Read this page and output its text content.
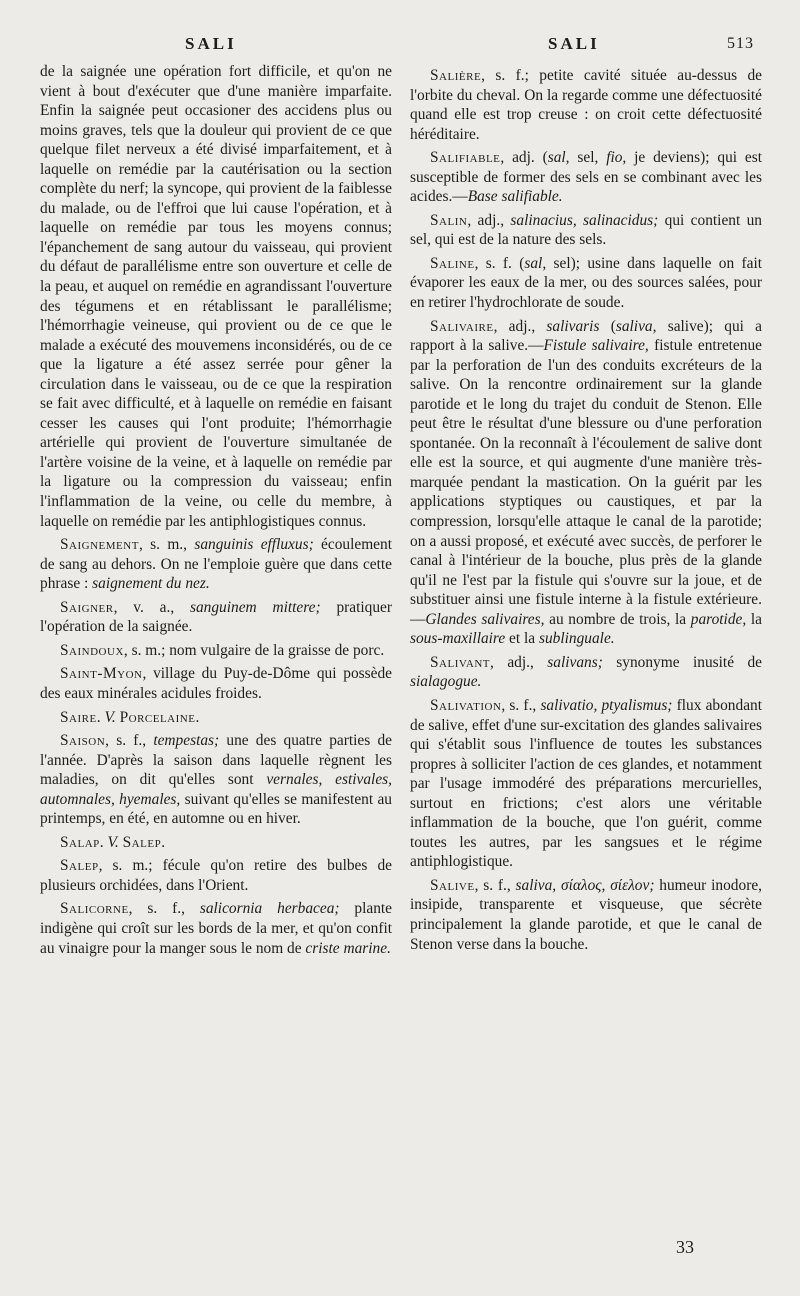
SALI	SALI	513

de la saignée une opération fort difficile, et qu'on ne vient à bout d'exécuter que d'une manière imparfaite. Enfin la saignée peut occasioner des accidens plus ou moins graves, tels que la douleur qui provient de ce que quelque filet nerveux a été divisé imparfaitement, et à laquelle on remédie par la cautérisation ou la section complète du nerf; la syncope, qui provient de la faiblesse du malade, ou de l'effroi que lui cause l'opération, et à laquelle on remédie par tous les moyens connus; l'épanchement de sang autour du vaisseau, qui provient du défaut de parallélisme entre son ouverture et celle de la peau, et auquel on remédie en agrandissant l'ouverture des tégumens et en rétablissant le parallélisme; l'hémorrhagie veineuse, qui provient ou de ce que le malade a exécuté des mouvemens inconsidérés, ou de ce que la ligature a été assez serrée pour gêner la circulation dans le vaisseau, ou de ce que la respiration se fait avec difficulté, et à laquelle on remédie en faisant cesser les causes qui l'ont produite; l'hémorrhagie artérielle qui provient de l'ouverture simultanée de l'artère voisine de la veine, et à laquelle on remédie par la ligature ou la compression du vaisseau; enfin l'inflammation de la veine, ou celle du membre, à laquelle on remédie par les antiphlogistiques connus.

Saignement, s. m., sanguinis effluxus; écoulement de sang au dehors. On ne l'emploie guère que dans cette phrase : saignement du nez.

Saigner, v. a., sanguinem mittere; pratiquer l'opération de la saignée.

Saindoux, s. m.; nom vulgaire de la graisse de porc.

Saint-Myon, village du Puy-de-Dôme qui possède des eaux minérales acidules froides.

Saire. V. Porcelaine.

Saison, s. f., tempestas; une des quatre parties de l'année. D'après la saison dans laquelle règnent les maladies, on dit qu'elles sont vernales, estivales, automnales, hyemales, suivant qu'elles se manifestent au printemps, en été, en automne ou en hiver.

Salap. V. Salep.

Salep, s. m.; fécule qu'on retire des bulbes de plusieurs orchidées, dans l'Orient.

Salicorne, s. f., salicornia herbacea; plante indigène qui croît sur les bords de la mer, et qu'on confit au vinaigre pour la manger sous le nom de criste marine.

Salière, s. f.; petite cavité située au-dessus de l'orbite du cheval. On la regarde comme une défectuosité quand elle est trop creuse : on croit cette défectuosité héréditaire.

Salifiable, adj. (sal, sel, fio, je deviens); qui est susceptible de former des sels en se combinant avec les acides.—Base salifiable.

Salin, adj., salinacius, salinacidus; qui contient un sel, qui est de la nature des sels.

Saline, s. f. (sal, sel); usine dans laquelle on fait évaporer les eaux de la mer, ou des sources salées, pour en retirer l'hydrochlorate de soude.

Salivaire, adj., salivaris (saliva, salive); qui a rapport à la salive.—Fistule salivaire, fistule entretenue par la perforation de l'un des conduits excréteurs de la salive. On la rencontre ordinairement sur la glande parotide et le long du trajet du conduit de Stenon. Elle peut être le résultat d'une blessure ou d'une perforation spontanée. On la reconnaît à l'écoulement de salive dont elle est la source, et qui augmente d'une manière très-marquée pendant la mastication. On la guérit par les applications styptiques ou caustiques, et par la compression, lorsqu'elle attaque le canal de la parotide; on a aussi proposé, et exécuté avec succès, de perforer le canal à l'intérieur de la bouche, plus près de la glande qu'il ne l'est par la fistule qui s'ouvre sur la joue, et de substituer ainsi une fistule interne à la fistule extérieure.—Glandes salivaires, au nombre de trois, la parotide, la sous-maxillaire et la sublinguale.

Salivant, adj., salivans; synonyme inusité de sialagogue.

Salivation, s. f., salivatio, ptyalismus; flux abondant de salive, effet d'une sur-excitation des glandes salivaires qui s'établit sous l'influence de toutes les substances propres à solliciter l'action de ces glandes, et notamment par l'usage immodéré des préparations mercurielles, surtout en frictions; c'est alors une véritable inflammation de la bouche, que l'on guérit, comme toutes les autres, par les sangsues et le régime antiphlogistique.

Salive, s. f., saliva, σίαλος, σίελον; humeur inodore, insipide, transparente et visqueuse, que sécrète principalement la glande parotide, et que le canal de Stenon verse dans la bouche.

33
